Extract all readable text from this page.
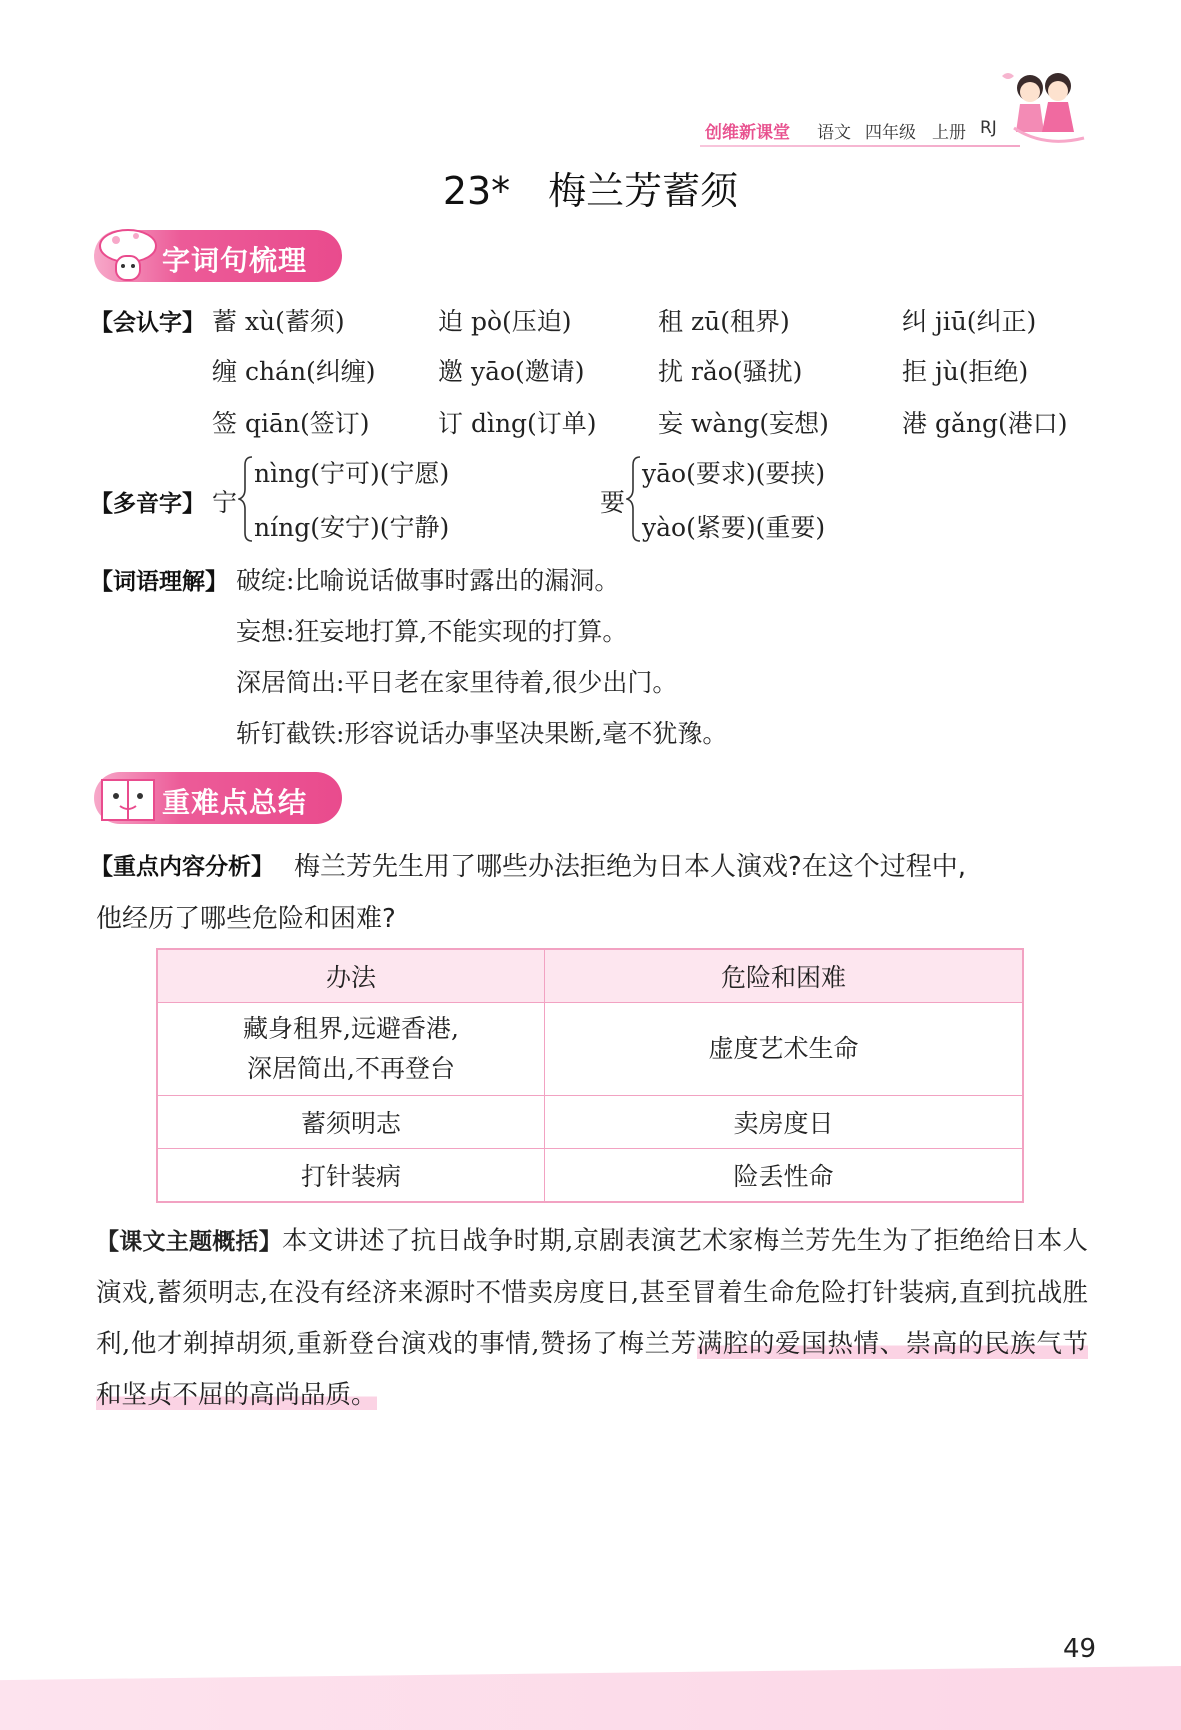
创维新课堂 语文 四年级 上册 RJ
23* 梅兰芳蓄须
字词句梳理
【会认字】 蓄 xù(蓄须)	迫 pò(压迫)	租 zū(租界)	纠 jiū(纠正)
缠 chán(纠缠) 邀 yāo(邀请)	扰 rǎo(骚扰)	拒 jù(拒绝)
签 qiān(签订)	订 dìng(订单) 妄 wàng(妄想)	港 gǎng(港口)
【多音字】 宁
nìng(宁可)(宁愿)
níng(安宁)(宁静)
要
yāo(要求)(要挟)
yào(紧要)(重要)
【词语理解】 破绽:比喻说话做事时露出的漏洞。
妄想:狂妄地打算,不能实现的打算。
深居简出:平日老在家里待着,很少出门。
斩钉截铁:形容说话办事坚决果断,毫不犹豫。
重难点总结
【重点内容分析】 梅兰芳先生用了哪些办法拒绝为日本人演戏?在这个过程中,
他经历了哪些危险和困难?
办法	危险和困难
藏身租界,远避香港,
深居简出,不再登台	虚度艺术生命
蓄须明志	卖房度日
打针装病	险丢性命
【课文主题概括】本文讲述了抗日战争时期,京剧表演艺术家梅兰芳先生为了拒绝给日本人演戏,蓄须明志,在没有经济来源时不惜卖房度日,甚至冒着生命危险打针装病,直到抗战胜利,他才剃掉胡须,重新登台演戏的事情,赞扬了梅兰芳满腔的爱国热情、崇高的民族气节和坚贞不屈的高尚品质。
49
